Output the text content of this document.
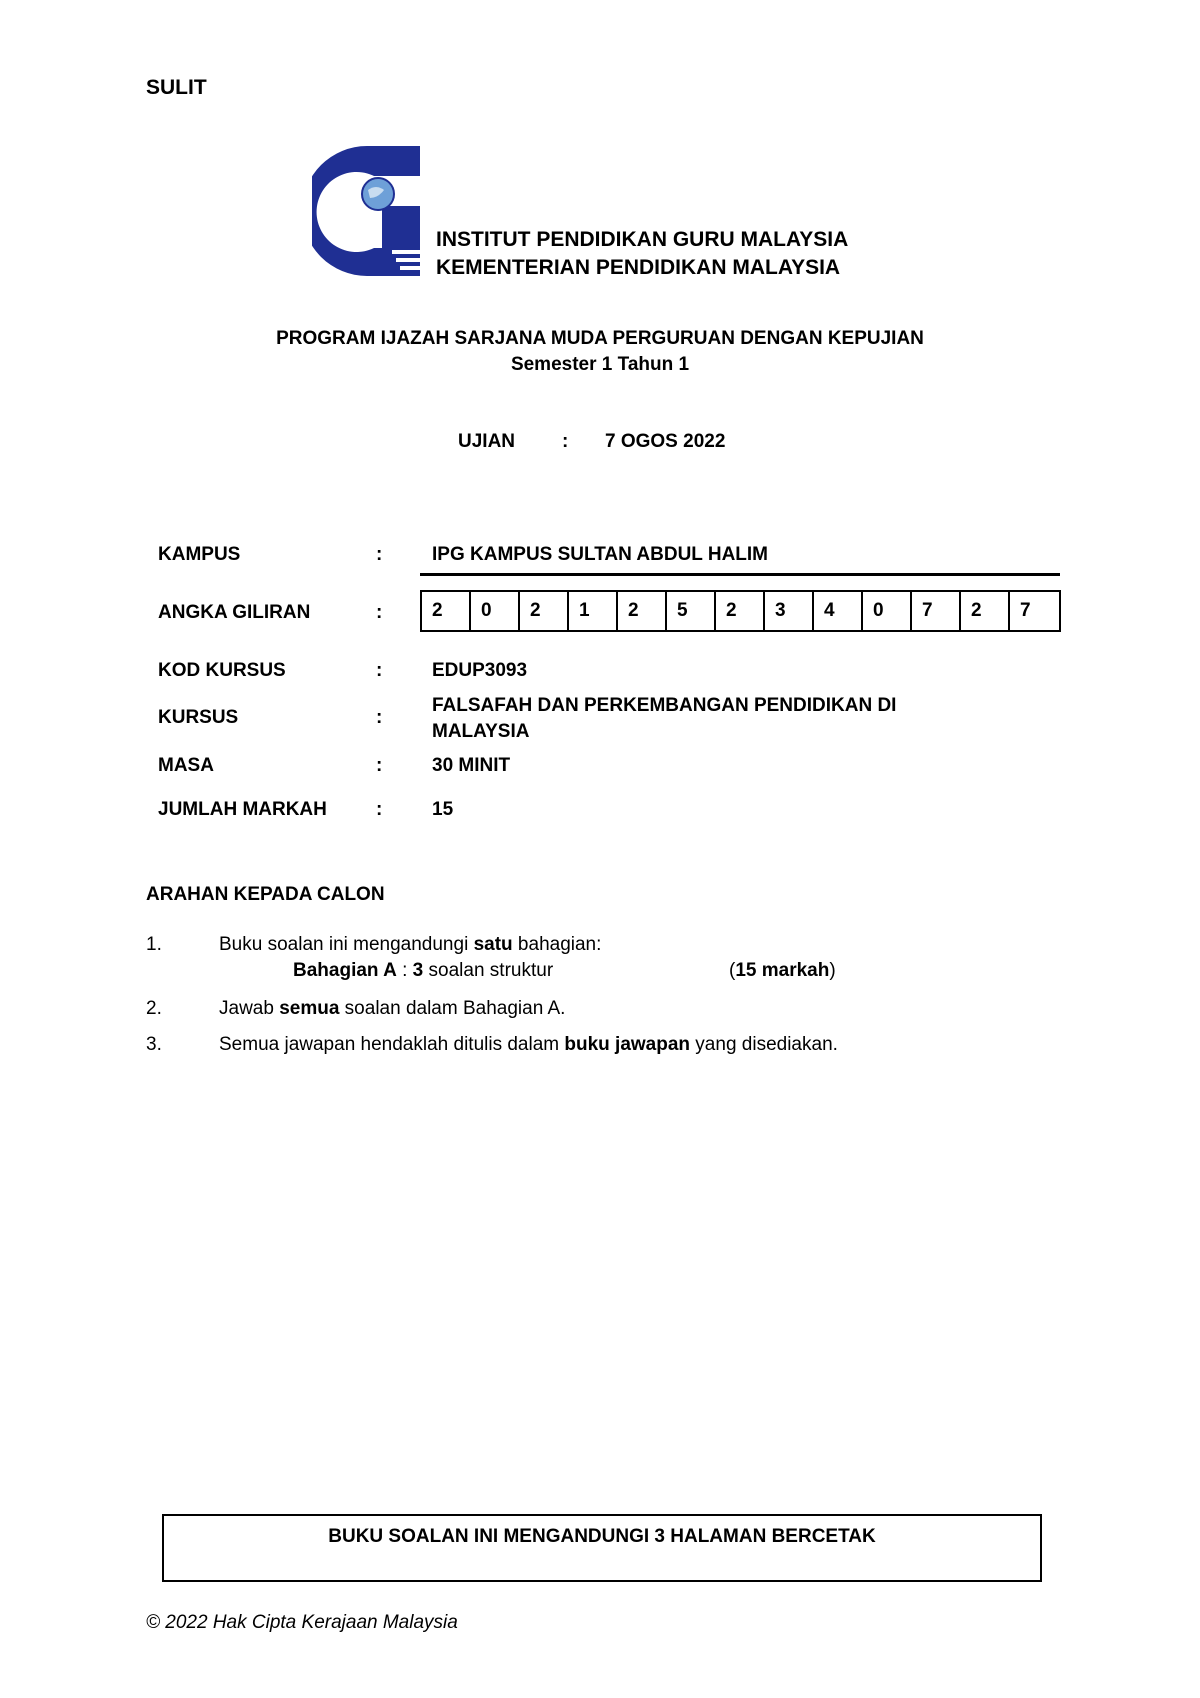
SULIT
iPG
INSTITUT PENDIDIKAN GURU MALAYSIA
KEMENTERIAN PENDIDIKAN MALAYSIA
PROGRAM IJAZAH SARJANA MUDA PERGURUAN DENGAN KEPUJIAN
Semester 1 Tahun 1
UJIAN : 7 OGOS 2022
KAMPUS	:	IPG KAMPUS SULTAN ABDUL HALIM
ANGKA GILIRAN	:	2	0	2	1	2	5	2	3	4	0	7	2	7
KOD KURSUS	:	EDUP3093
KURSUS	:
FALSAFAH DAN PERKEMBANGAN PENDIDIKAN DI
MALAYSIA
MASA	:	30 MINIT
JUMLAH MARKAH	:	15
ARAHAN KEPADA CALON
1.	Buku soalan ini mengandungi satu bahagian:
Bahagian A : 3 soalan struktur	(15 markah)
2.	Jawab semua soalan dalam Bahagian A.
3.	Semua jawapan hendaklah ditulis dalam buku jawapan yang disediakan.
BUKU SOALAN INI MENGANDUNGI 3 HALAMAN BERCETAK
© 2022 Hak Cipta Kerajaan Malaysia
